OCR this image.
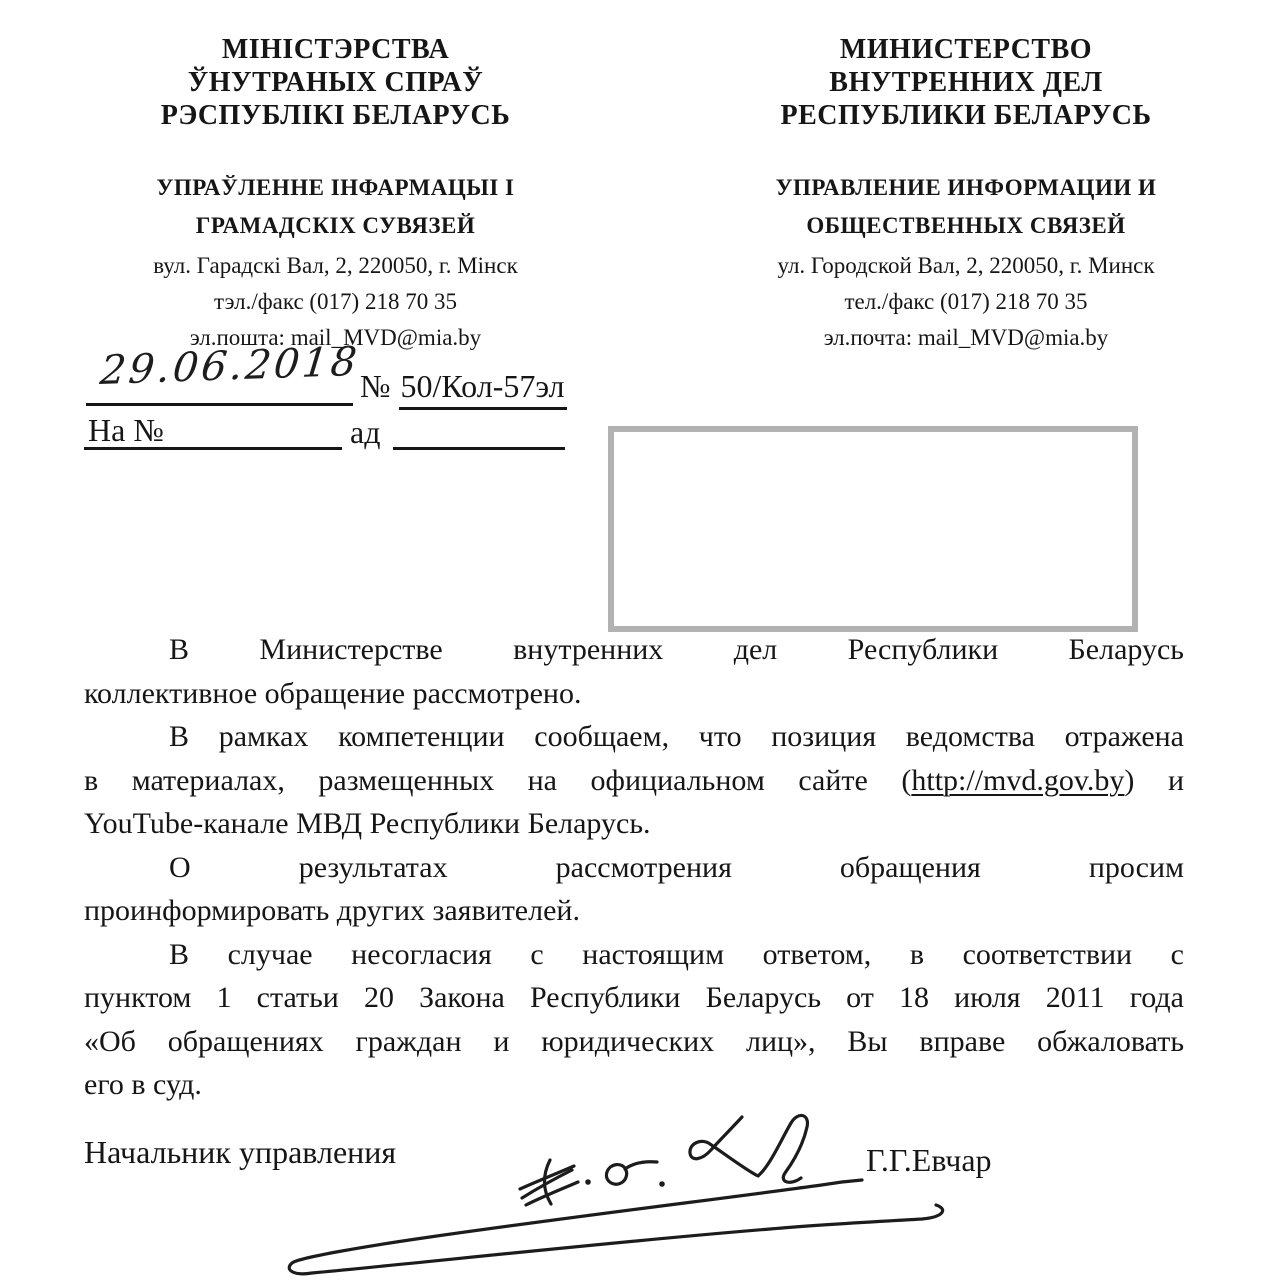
МІНІСТЭРСТВА
ЎНУТРАНЫХ СПРАЎ
РЭСПУБЛІКІ БЕЛАРУСЬ
УПРАЎЛЕННЕ ІНФАРМАЦЫІ І
ГРАМАДСКІХ СУВЯЗЕЙ
вул. Гарадскі Вал, 2, 220050, г. Мінск
тэл./факс (017) 218 70 35
эл.пошта: mail_MVD@mia.by
МИНИСТЕРСТВО
ВНУТРЕННИХ ДЕЛ
РЕСПУБЛИКИ БЕЛАРУСЬ
УПРАВЛЕНИЕ ИНФОРМАЦИИ И
ОБЩЕСТВЕННЫХ СВЯЗЕЙ
ул. Городской Вал, 2, 220050, г. Минск
тел./факс (017) 218 70 35
эл.почта: mail_MVD@mia.by
29.06.2018
№ 50/Кол-57эл
На №	ад
В Министерстве внутренних дел Республики Беларусь
коллективное обращение рассмотрено.
В рамках компетенции сообщаем, что позиция ведомства отражена
в материалах, размещенных на официальном сайте (http://mvd.gov.by) и
YouTube-канале МВД Республики Беларусь.
О результатах рассмотрения обращения просим
проинформировать других заявителей.
В случае несогласия с настоящим ответом, в соответствии с
пунктом 1 статьи 20 Закона Республики Беларусь от 18 июля 2011 года
«Об обращениях граждан и юридических лиц», Вы вправе обжаловать
его в суд.
Начальник управления	Г.Г.Евчар
